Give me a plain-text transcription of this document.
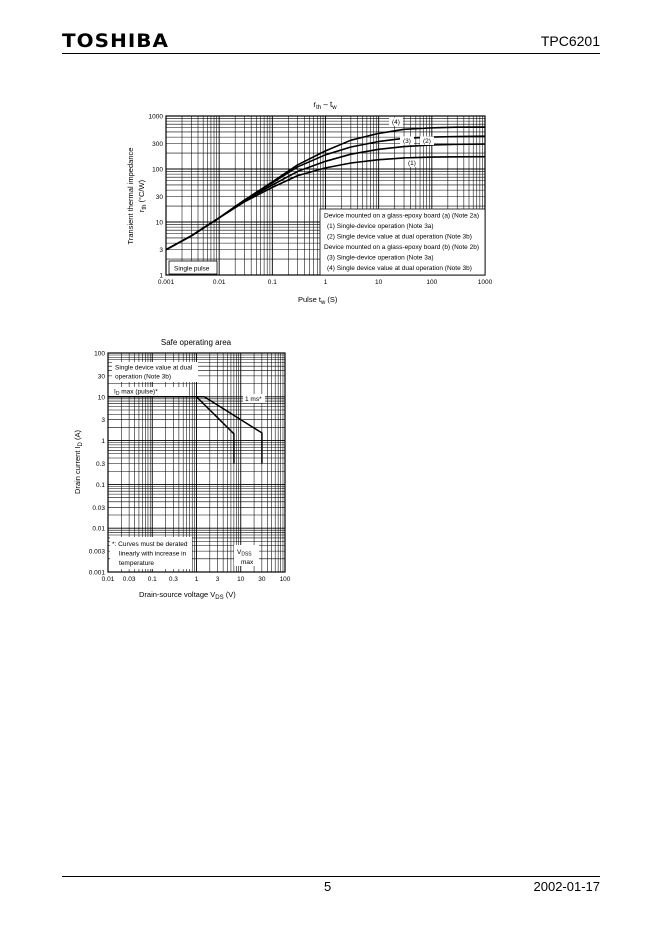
TOSHIBA	TPC6201
0.001	0.01	0.1	1	10	100	1000
1
3
10
30
100
300
1000
$r_{th} - t_w$
Pulse $t_w$ (S)
Transient thermal impedance $r_{th}$ (°C/W)
Device mounted on a glass-epoxy board (a) (Note 2a)
(1) Single-device operation (Note 3a)
(2) Single device value at dual operation (Note 3b)
Device mounted on a glass-epoxy board (b) (Note 2b)
(3) Single-device operation (Note 3a)
(4) Single device value at dual operation (Note 3b)
Single pulse
(4)
(3) (2)
(1)
0.01 0.03 0.1 0.3	1	3	10 30 100
0.001
0.003
0.01
0.03
0.1
0.3
1
3
10
30
100
Safe operating area
Drain-source voltage $V_{DS}$ (V)
Drain current $I_D$ (A)
Single device value at dual
operation (Note 3b)
$I_D$ max (pulse)*
1 ms*
*: Curves must be derated
linearly with increase in
temperature
$V_{DSS}$
max
5	2002-01-17
